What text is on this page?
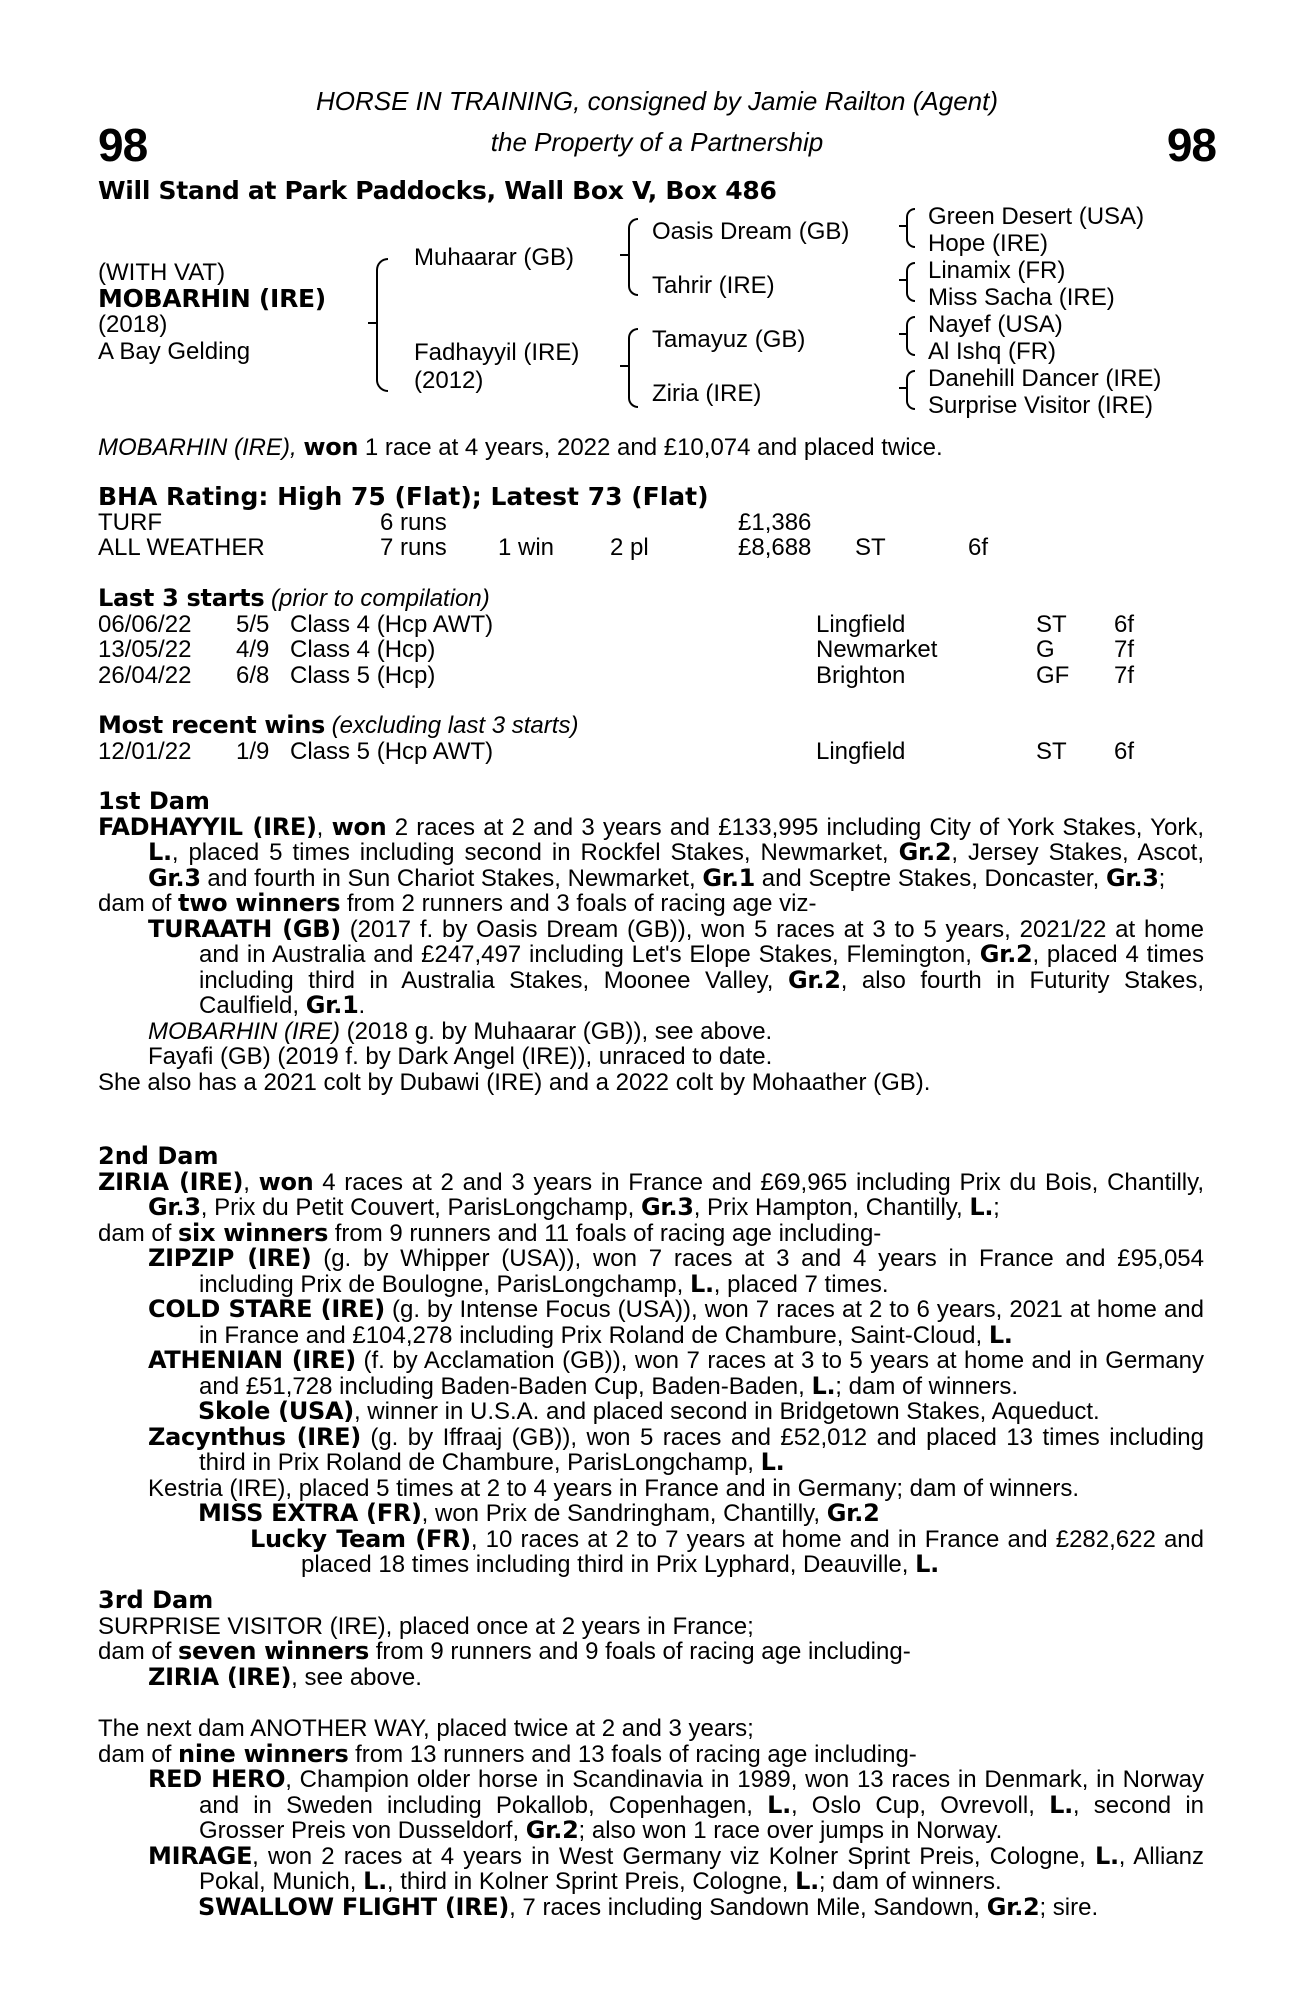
98	98
HORSE IN TRAINING, consigned by Jamie Railton (Agent)
the Property of a Partnership
Will Stand at Park Paddocks, Wall Box V, Box 486
(WITH VAT)
MOBARHIN (IRE)
(2018)
A Bay Gelding
Muhaarar (GB)
Fadhayyil (IRE)
(2012)
Oasis Dream (GB)
Tahrir (IRE)
Tamayuz (GB)
Ziria (IRE)
Green Desert (USA)
Hope (IRE)
Linamix (FR)
Miss Sacha (IRE)
Nayef (USA)
Al Ishq (FR)
Danehill Dancer (IRE)
Surprise Visitor (IRE)
MOBARHIN (IRE), won 1 race at 4 years, 2022 and £10,074 and placed twice.

BHA Rating: High 75 (Flat); Latest 73 (Flat)

TURF	6 runs	£1,386
ALL WEATHER	7 runs 1 win 2 pl	£8,688 ST	6f

Last 3 starts (prior to compilation)

06/06/22 5/5 Class 4 (Hcp AWT)	Lingfield	ST 6f
13/05/22 4/9 Class 4 (Hcp)	Newmarket	G 7f
26/04/22 6/8 Class 5 (Hcp)	Brighton	GF 7f

Most recent wins (excluding last 3 starts)

12/01/22 1/9 Class 5 (Hcp AWT)	Lingfield	ST 6f

1st Dam

FADHAYYIL (IRE), won 2 races at 2 and 3 years and £133,995 including City of York Stakes, York, L., placed 5 times including second in Rockfel Stakes, Newmarket, Gr.2, Jersey Stakes, Ascot, Gr.3 and fourth in Sun Chariot Stakes, Newmarket, Gr.1 and Sceptre Stakes, Doncaster, Gr.3;

dam of two winners from 2 runners and 3 foals of racing age viz-

TURAATH (GB) (2017 f. by Oasis Dream (GB)), won 5 races at 3 to 5 years, 2021/22 at home and in Australia and £247,497 including Let's Elope Stakes, Flemington, Gr.2, placed 4 times including third in Australia Stakes, Moonee Valley, Gr.2, also fourth in Futurity Stakes, Caulfield, Gr.1.

MOBARHIN (IRE) (2018 g. by Muhaarar (GB)), see above.

Fayafi (GB) (2019 f. by Dark Angel (IRE)), unraced to date.

She also has a 2021 colt by Dubawi (IRE) and a 2022 colt by Mohaather (GB).

2nd Dam

ZIRIA (IRE), won 4 races at 2 and 3 years in France and £69,965 including Prix du Bois, Chantilly, Gr.3, Prix du Petit Couvert, ParisLongchamp, Gr.3, Prix Hampton, Chantilly, L.;

dam of six winners from 9 runners and 11 foals of racing age including-

ZIPZIP (IRE) (g. by Whipper (USA)), won 7 races at 3 and 4 years in France and £95,054 including Prix de Boulogne, ParisLongchamp, L., placed 7 times.

COLD STARE (IRE) (g. by Intense Focus (USA)), won 7 races at 2 to 6 years, 2021 at home and in France and £104,278 including Prix Roland de Chambure, Saint-Cloud, L.

ATHENIAN (IRE) (f. by Acclamation (GB)), won 7 races at 3 to 5 years at home and in Germany and £51,728 including Baden-Baden Cup, Baden-Baden, L.; dam of winners.

Skole (USA), winner in U.S.A. and placed second in Bridgetown Stakes, Aqueduct.

Zacynthus (IRE) (g. by Iffraaj (GB)), won 5 races and £52,012 and placed 13 times including third in Prix Roland de Chambure, ParisLongchamp, L.

Kestria (IRE), placed 5 times at 2 to 4 years in France and in Germany; dam of winners.

MISS EXTRA (FR), won Prix de Sandringham, Chantilly, Gr.2

Lucky Team (FR), 10 races at 2 to 7 years at home and in France and £282,622 and placed 18 times including third in Prix Lyphard, Deauville, L.

3rd Dam

SURPRISE VISITOR (IRE), placed once at 2 years in France;

dam of seven winners from 9 runners and 9 foals of racing age including-

ZIRIA (IRE), see above.

The next dam ANOTHER WAY, placed twice at 2 and 3 years;

dam of nine winners from 13 runners and 13 foals of racing age including-

RED HERO, Champion older horse in Scandinavia in 1989, won 13 races in Denmark, in Norway and in Sweden including Pokallob, Copenhagen, L., Oslo Cup, Ovrevoll, L., second in Grosser Preis von Dusseldorf, Gr.2; also won 1 race over jumps in Norway.

MIRAGE, won 2 races at 4 years in West Germany viz Kolner Sprint Preis, Cologne, L., Allianz Pokal, Munich, L., third in Kolner Sprint Preis, Cologne, L.; dam of winners.

SWALLOW FLIGHT (IRE), 7 races including Sandown Mile, Sandown, Gr.2; sire.
